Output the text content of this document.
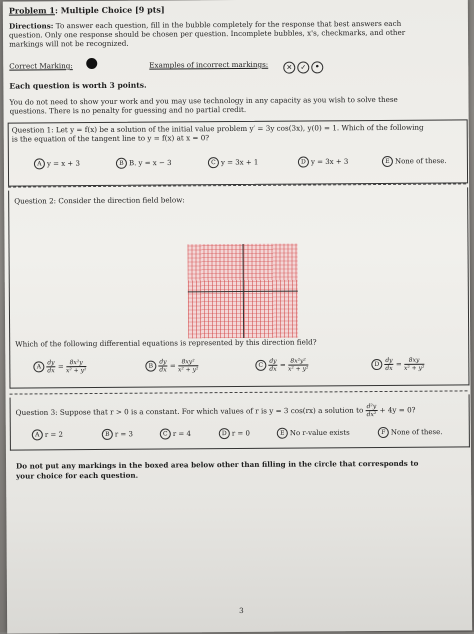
Problem 1: Multiple Choice [9 pts]
Directions: To answer each question, fill in the bubble completely for the response that best answers each
question. Only one response should be chosen per question. Incomplete bubbles, x's, checkmarks, and other
markings will not be recognized.
Correct Marking:	Examples of incorrect markings:	✕ ✓ •
Each question is worth 3 points.
You do not need to show your work and you may use technology in any capacity as you wish to solve these
questions. There is no penalty for guessing and no partial credit.
Question 1: Let y = f(x) be a solution of the initial value problem y′ = 3y cos(3x), y(0) = 1. Which of the following
is the equation of the tangent line to y = f(x) at x = 0?
A y = x + 3	B B. y = x − 3	C y = 3x + 1	D y = 3x + 3	E None of these.
Question 2: Consider the direction field below:
Which of the following differential equations is represented by this direction field?
A $\frac{dy}{dx} = \frac{\text{8x²y}}{\text{x² + y²}}$	B $\frac{dy}{dx} = \frac{\text{8xy²}}{\text{x² + y²}}$	C $\frac{dy}{dx} = \frac{\text{8x²y²}}{\text{x² + y²}}$	D $\frac{dy}{dx} = \frac{8xy}{\text{x² + y²}}$
Question 3: Suppose that r > 0 is a constant. For which values of r is y = 3 cos(rx) a solution to $\frac{\text{d²y}}{\text{dx²}} + 4y = 0$?
A r = 2	B r = 3	C r = 4	D r = 0	E No r-value exists	F None of these.
Do not put any markings in the boxed area below other than filling in the circle that corresponds to
your choice for each question.
3
